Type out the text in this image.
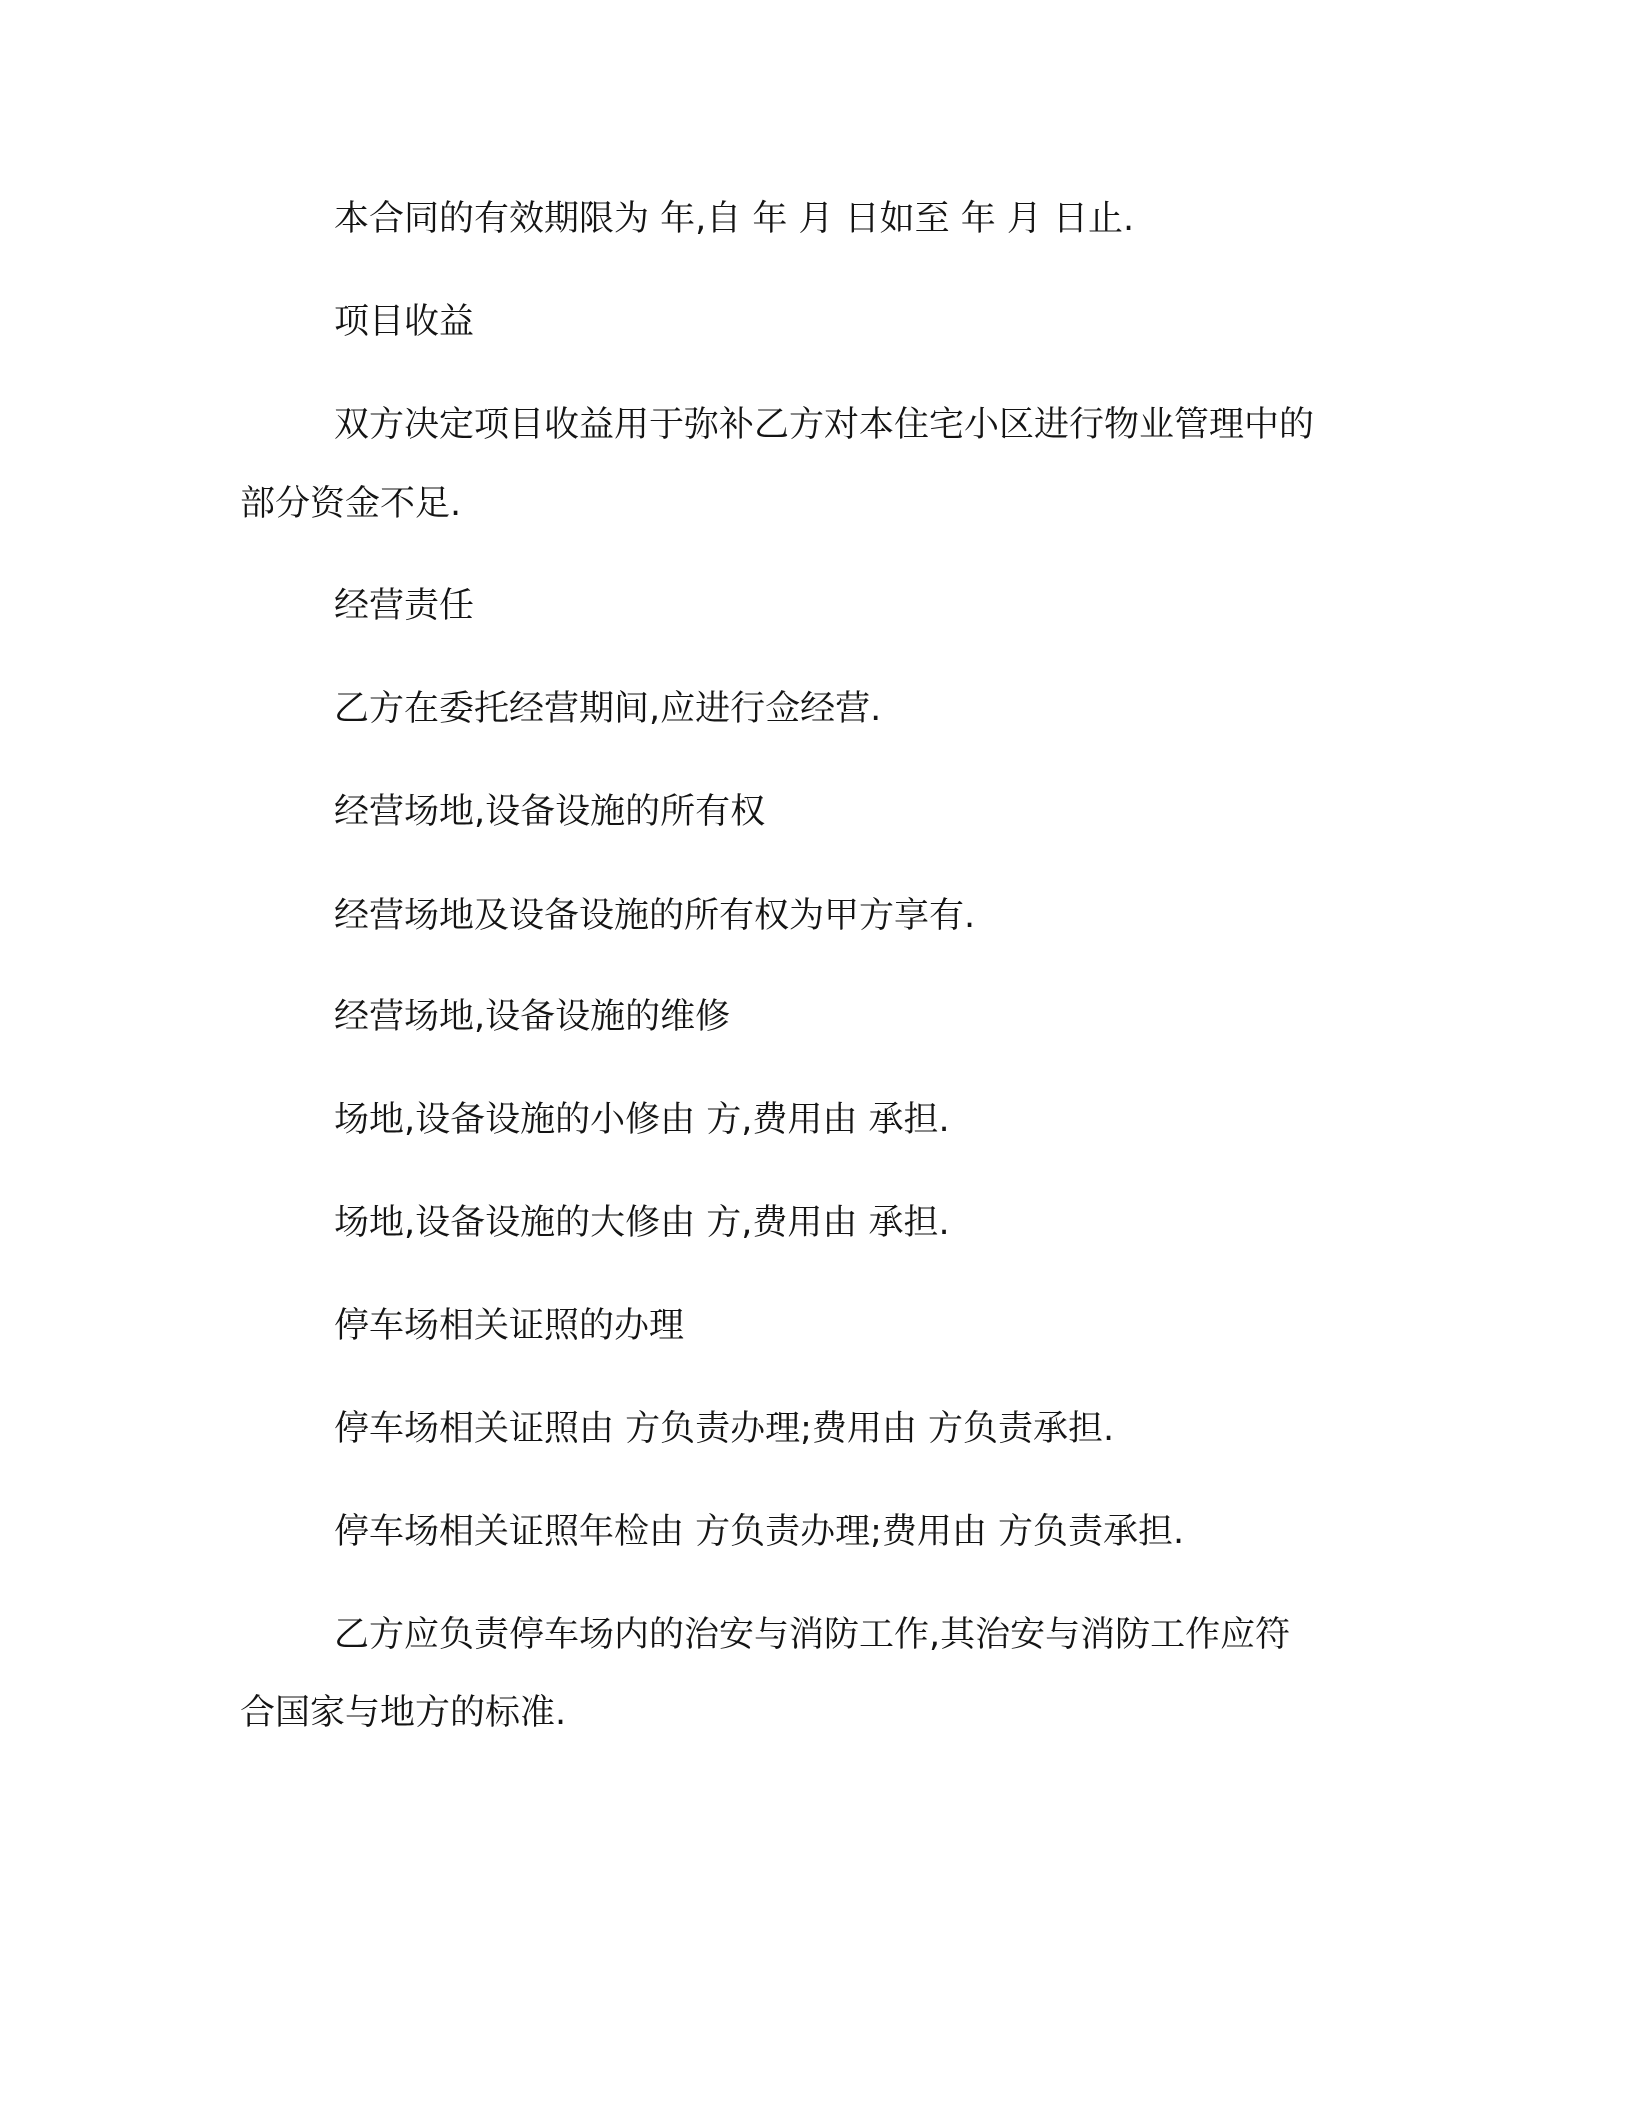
本合同的有效期限为 年,自 年 月 日如至 年 月 日止.

项目收益

双方决定项目收益用于弥补乙方对本住宅小区进行物业管理中的

部分资金不足.

经营责任

乙方在委托经营期间,应进行佥经营.

经营场地,设备设施的所有权

经营场地及设备设施的所有权为甲方享有.

经营场地,设备设施的维修

场地,设备设施的小修由 方,费用由 承担.

场地,设备设施的大修由 方,费用由 承担.

停车场相关证照的办理

停车场相关证照由 方负责办理;费用由 方负责承担.

停车场相关证照年检由 方负责办理;费用由 方负责承担.

乙方应负责停车场内的治安与消防工作,其治安与消防工作应符

合国家与地方的标准.
